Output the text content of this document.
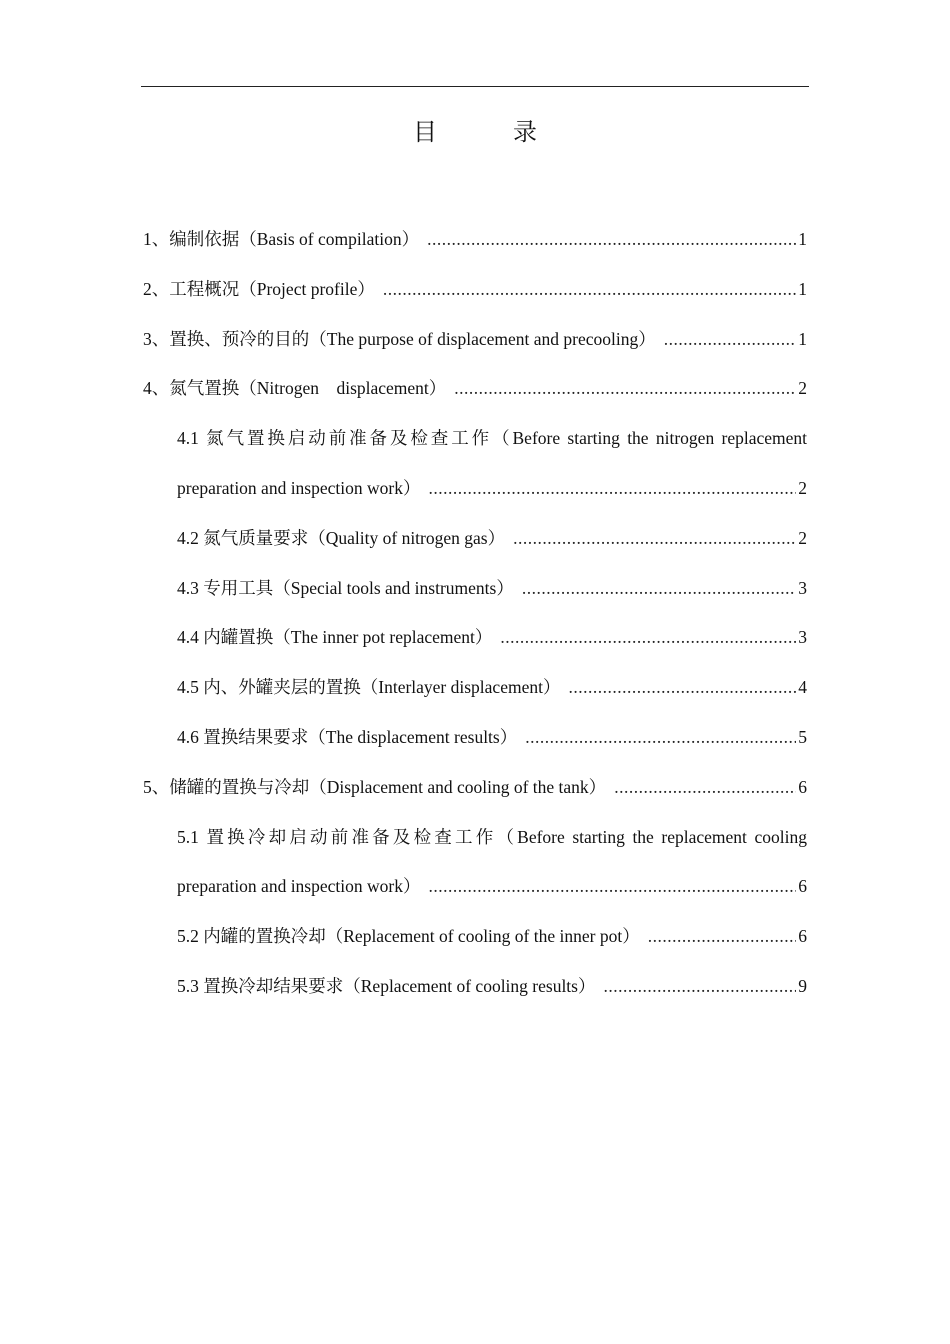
目　录
1、编制依据（Basis of compilation） .....	1
2、工程概况（Project profile） .....	1
3、置换、预冷的目的（The purpose of displacement and precooling） .....	1
4、氮气置换（Nitrogen　displacement） .....	2
4.1 氮气置换启动前准备及检查工作（Before starting the nitrogen replacement
preparation and inspection work） .....	2
4.2 氮气质量要求（Quality of nitrogen gas） .....	2
4.3 专用工具（Special tools and instruments） .....	3
4.4 内罐置换（The inner pot replacement） .....	3
4.5 内、外罐夹层的置换（Interlayer displacement） .....	4
4.6 置换结果要求（The displacement results） .....	5
5、储罐的置换与冷却（Displacement and cooling of the tank） .....	6
5.1 置换冷却启动前准备及检查工作（Before starting the replacement cooling
preparation and inspection work） .....	6
5.2 内罐的置换冷却（Replacement of cooling of the inner pot） .....	6
5.3 置换冷却结果要求（Replacement of cooling results） .....	9
